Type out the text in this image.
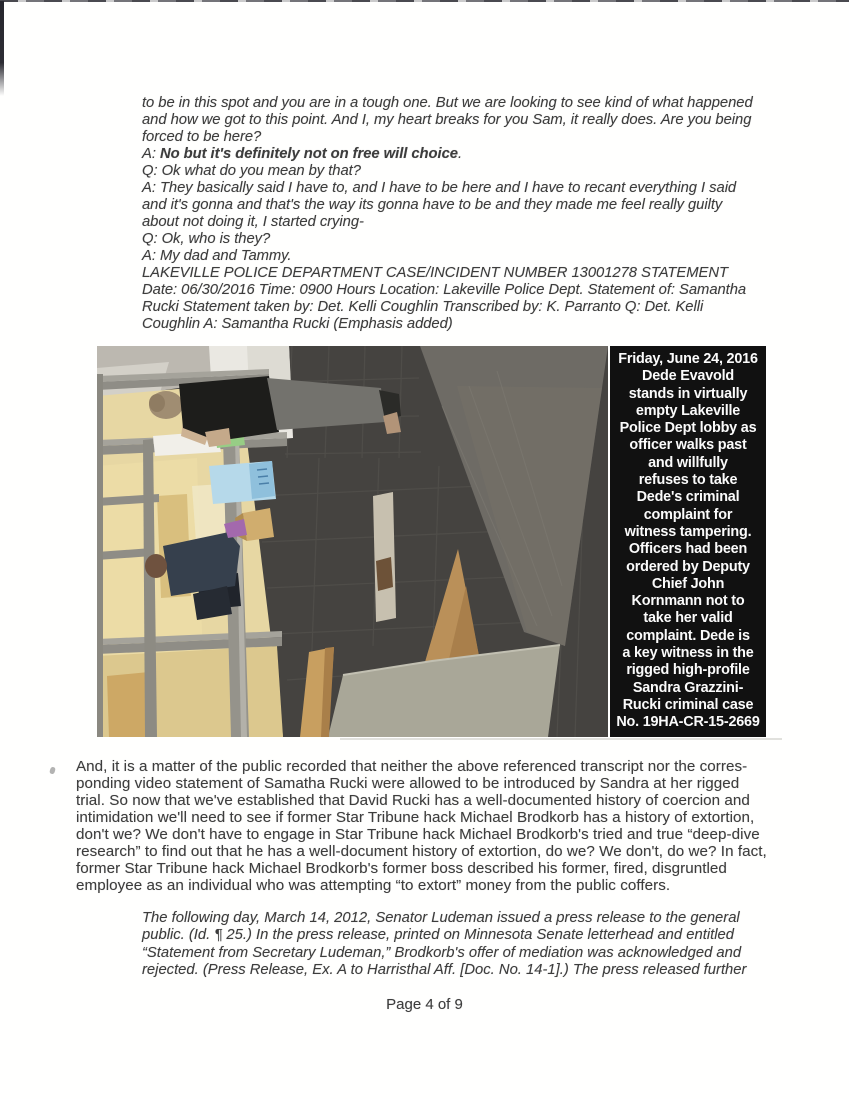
to be in this spot and you are in a tough one. But we are looking to see kind of what happened
and how we got to this point. And I, my heart breaks for you Sam, it really does. Are you being
forced to be here?
A: No but it's definitely not on free will choice.
Q: Ok what do you mean by that?
A: They basically said I have to, and I have to be here and I have to recant everything I said
and it's gonna and that's the way its gonna have to be and they made me feel really guilty
about not doing it, I started crying-
Q: Ok, who is they?
A: My dad and Tammy.
LAKEVILLE POLICE DEPARTMENT CASE/INCIDENT NUMBER 13001278 STATEMENT
Date: 06/30/2016 Time: 0900 Hours Location: Lakeville Police Dept. Statement of: Samantha
Rucki Statement taken by: Det. Kelli Coughlin Transcribed by: K. Parranto Q: Det. Kelli
Coughlin A: Samantha Rucki (Emphasis added)
Friday, June 24, 2016
Dede Evavold
stands in virtually
empty Lakeville
Police Dept lobby as
officer walks past
and willfully
refuses to take
Dede's criminal
complaint for
witness tampering.
Officers had been
ordered by Deputy
Chief John
Kornmann not to
take her valid
complaint. Dede is
a key witness in the
rigged high-profile
Sandra Grazzini-
Rucki criminal case
No. 19HA-CR-15-2669
And, it is a matter of the public recorded that neither the above referenced transcript nor the corres-
ponding video statement of Samatha Rucki were allowed to be introduced by Sandra at her rigged
trial. So now that we've established that David Rucki has a well-documented history of coercion and
intimidation we'll need to see if former Star Tribune hack Michael Brodkorb has a history of extortion,
don't we? We don't have to engage in Star Tribune hack Michael Brodkorb's tried and true “deep-dive
research” to find out that he has a well-document history of extortion, do we? We don't, do we? In fact,
former Star Tribune hack Michael Brodkorb's former boss described his former, fired, disgruntled
employee as an individual who was attempting “to extort” money from the public coffers.
The following day, March 14, 2012, Senator Ludeman issued a press release to the general
public. (Id. ¶ 25.) In the press release, printed on Minnesota Senate letterhead and entitled
“Statement from Secretary Ludeman,” Brodkorb's offer of mediation was acknowledged and
rejected. (Press Release, Ex. A to Harristhal Aff. [Doc. No. 14-1].) The press released further
Page 4 of 9
